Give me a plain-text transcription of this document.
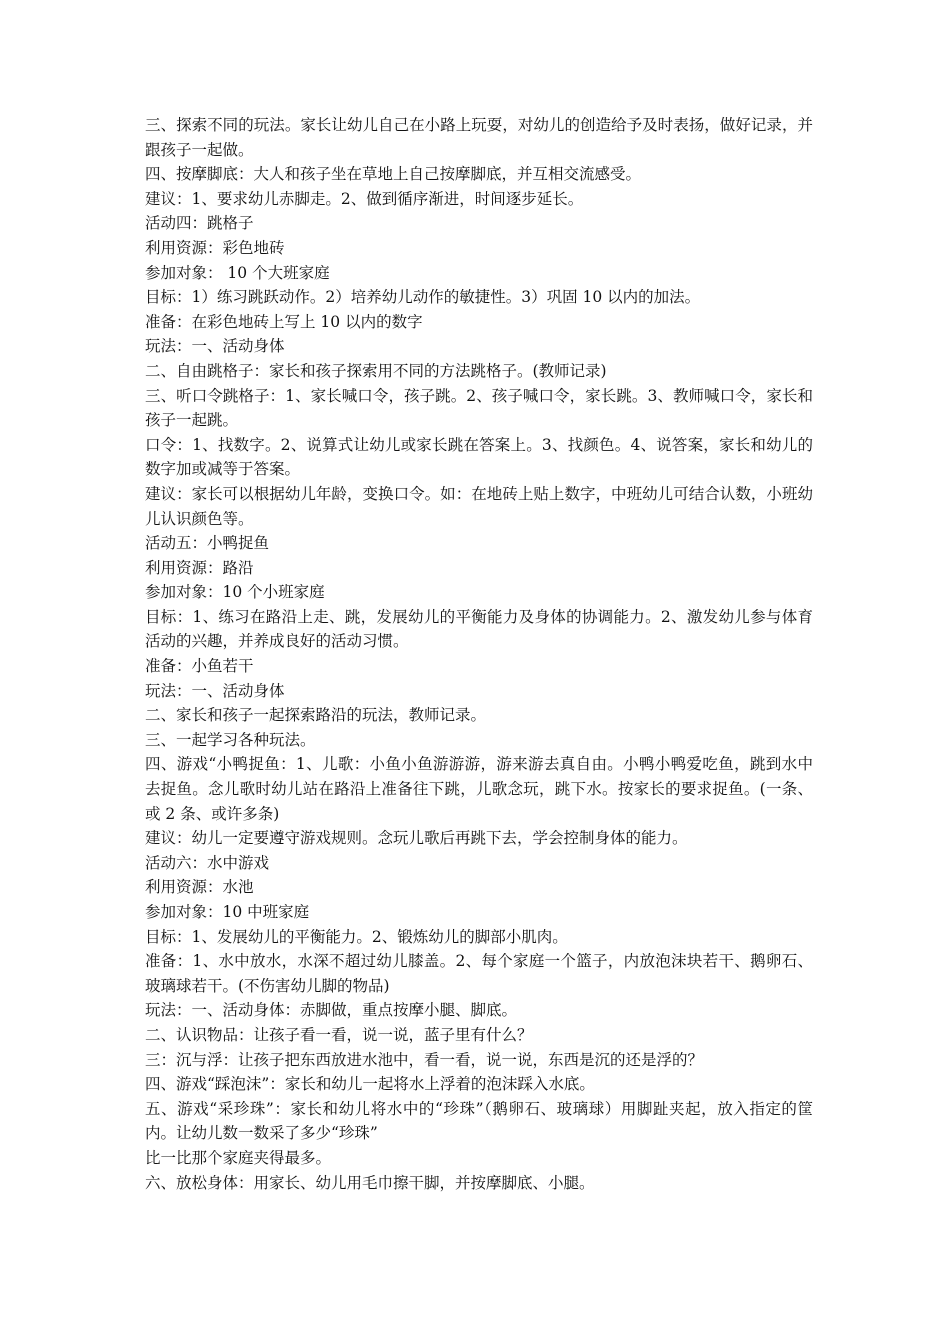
三、探索不同的玩法。家长让幼儿自己在小路上玩耍，对幼儿的创造给予及时表扬，做好记录，并跟孩子一起做。

四、按摩脚底：大人和孩子坐在草地上自己按摩脚底，并互相交流感受。

建议：1、要求幼儿赤脚走。2、做到循序渐进，时间逐步延长。

活动四：跳格子

利用资源：彩色地砖

参加对象： 10 个大班家庭

目标：1）练习跳跃动作。2）培养幼儿动作的敏捷性。3）巩固 10 以内的加法。

准备：在彩色地砖上写上 10 以内的数字

玩法：一、活动身体

二、自由跳格子：家长和孩子探索用不同的方法跳格子。(教师记录)

三、听口令跳格子：1、家长喊口令，孩子跳。2、孩子喊口令，家长跳。3、教师喊口令，家长和孩子一起跳。

口令：1、找数字。2、说算式让幼儿或家长跳在答案上。3、找颜色。4、说答案，家长和幼儿的数字加或减等于答案。

建议：家长可以根据幼儿年龄，变换口令。如：在地砖上贴上数字，中班幼儿可结合认数，小班幼儿认识颜色等。

活动五：小鸭捉鱼

利用资源：路沿

参加对象：10 个小班家庭

目标：1、练习在路沿上走、跳，发展幼儿的平衡能力及身体的协调能力。2、激发幼儿参与体育活动的兴趣，并养成良好的活动习惯。

准备：小鱼若干

玩法：一、活动身体

二、家长和孩子一起探索路沿的玩法，教师记录。

三、一起学习各种玩法。

四、游戏“小鸭捉鱼：1、儿歌：小鱼小鱼游游游，游来游去真自由。小鸭小鸭爱吃鱼，跳到水中去捉鱼。念儿歌时幼儿站在路沿上准备往下跳，儿歌念玩，跳下水。按家长的要求捉鱼。(一条、或 2 条、或许多条)

建议：幼儿一定要遵守游戏规则。念玩儿歌后再跳下去，学会控制身体的能力。

活动六：水中游戏

利用资源：水池

参加对象：10 中班家庭

目标：1、发展幼儿的平衡能力。2、锻炼幼儿的脚部小肌肉。

准备：1、水中放水，水深不超过幼儿膝盖。2、每个家庭一个篮子，内放泡沫块若干、鹅卵石、玻璃球若干。(不伤害幼儿脚的物品)

玩法：一、活动身体：赤脚做，重点按摩小腿、脚底。

二、认识物品：让孩子看一看，说一说，蓝子里有什么？

三：沉与浮：让孩子把东西放进水池中，看一看，说一说，东西是沉的还是浮的？

四、游戏“踩泡沫”：家长和幼儿一起将水上浮着的泡沫踩入水底。

五、游戏“采珍珠”：家长和幼儿将水中的“珍珠”（鹅卵石、玻璃球）用脚趾夹起，放入指定的筐内。让幼儿数一数采了多少“珍珠”

比一比那个家庭夹得最多。

六、放松身体：用家长、幼儿用毛巾擦干脚，并按摩脚底、小腿。
